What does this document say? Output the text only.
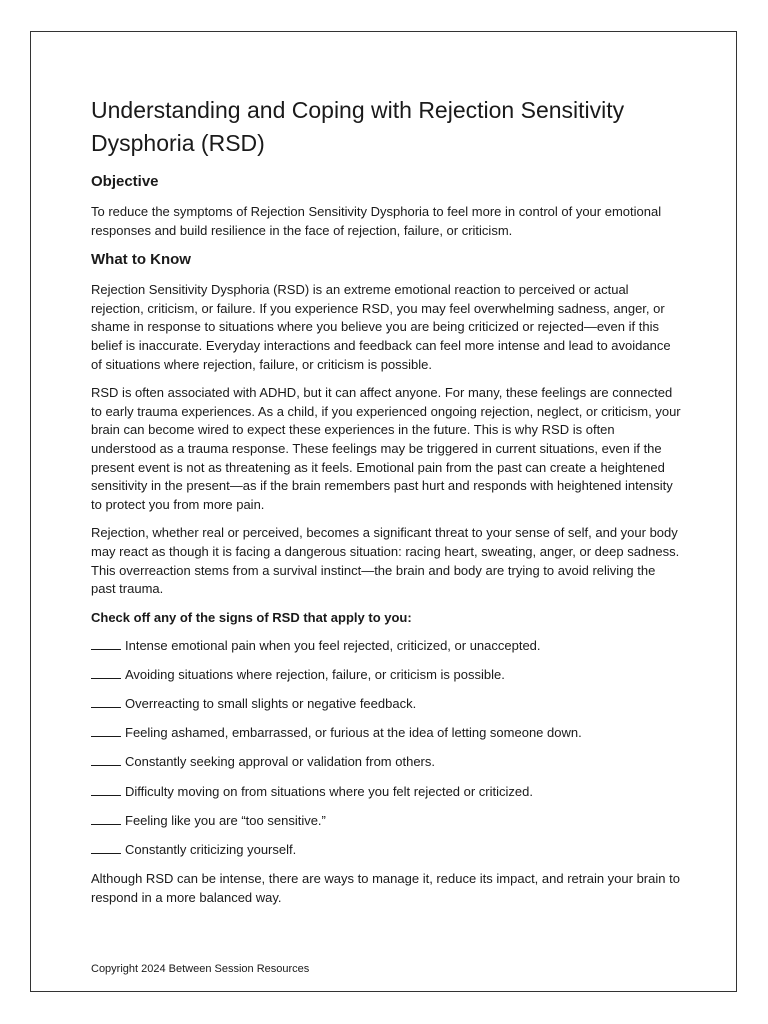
Understanding and Coping with Rejection Sensitivity Dysphoria (RSD)
Objective

To reduce the symptoms of Rejection Sensitivity Dysphoria to feel more in control of your emotional responses and build resilience in the face of rejection, failure, or criticism.

What to Know

Rejection Sensitivity Dysphoria (RSD) is an extreme emotional reaction to perceived or actual rejection, criticism, or failure. If you experience RSD, you may feel overwhelming sadness, anger, or shame in response to situations where you believe you are being criticized or rejected—even if this belief is inaccurate. Everyday interactions and feedback can feel more intense and lead to avoidance of situations where rejection, failure, or criticism is possible.

RSD is often associated with ADHD, but it can affect anyone. For many, these feelings are connected to early trauma experiences. As a child, if you experienced ongoing rejection, neglect, or criticism, your brain can become wired to expect these experiences in the future. This is why RSD is often understood as a trauma response. These feelings may be triggered in current situations, even if the present event is not as threatening as it feels. Emotional pain from the past can create a heightened sensitivity in the present—as if the brain remembers past hurt and responds with heightened intensity to protect you from more pain.

Rejection, whether real or perceived, becomes a significant threat to your sense of self, and your body may react as though it is facing a dangerous situation: racing heart, sweating, anger, or deep sadness. This overreaction stems from a survival instinct—the brain and body are trying to avoid reliving the past trauma.

Check off any of the signs of RSD that apply to you:
Intense emotional pain when you feel rejected, criticized, or unaccepted.
Avoiding situations where rejection, failure, or criticism is possible.
Overreacting to small slights or negative feedback.
Feeling ashamed, embarrassed, or furious at the idea of letting someone down.
Constantly seeking approval or validation from others.
Difficulty moving on from situations where you felt rejected or criticized.
Feeling like you are “too sensitive.”
Constantly criticizing yourself.

Although RSD can be intense, there are ways to manage it, reduce its impact, and retrain your brain to respond in a more balanced way.

Copyright 2024 Between Session Resources
